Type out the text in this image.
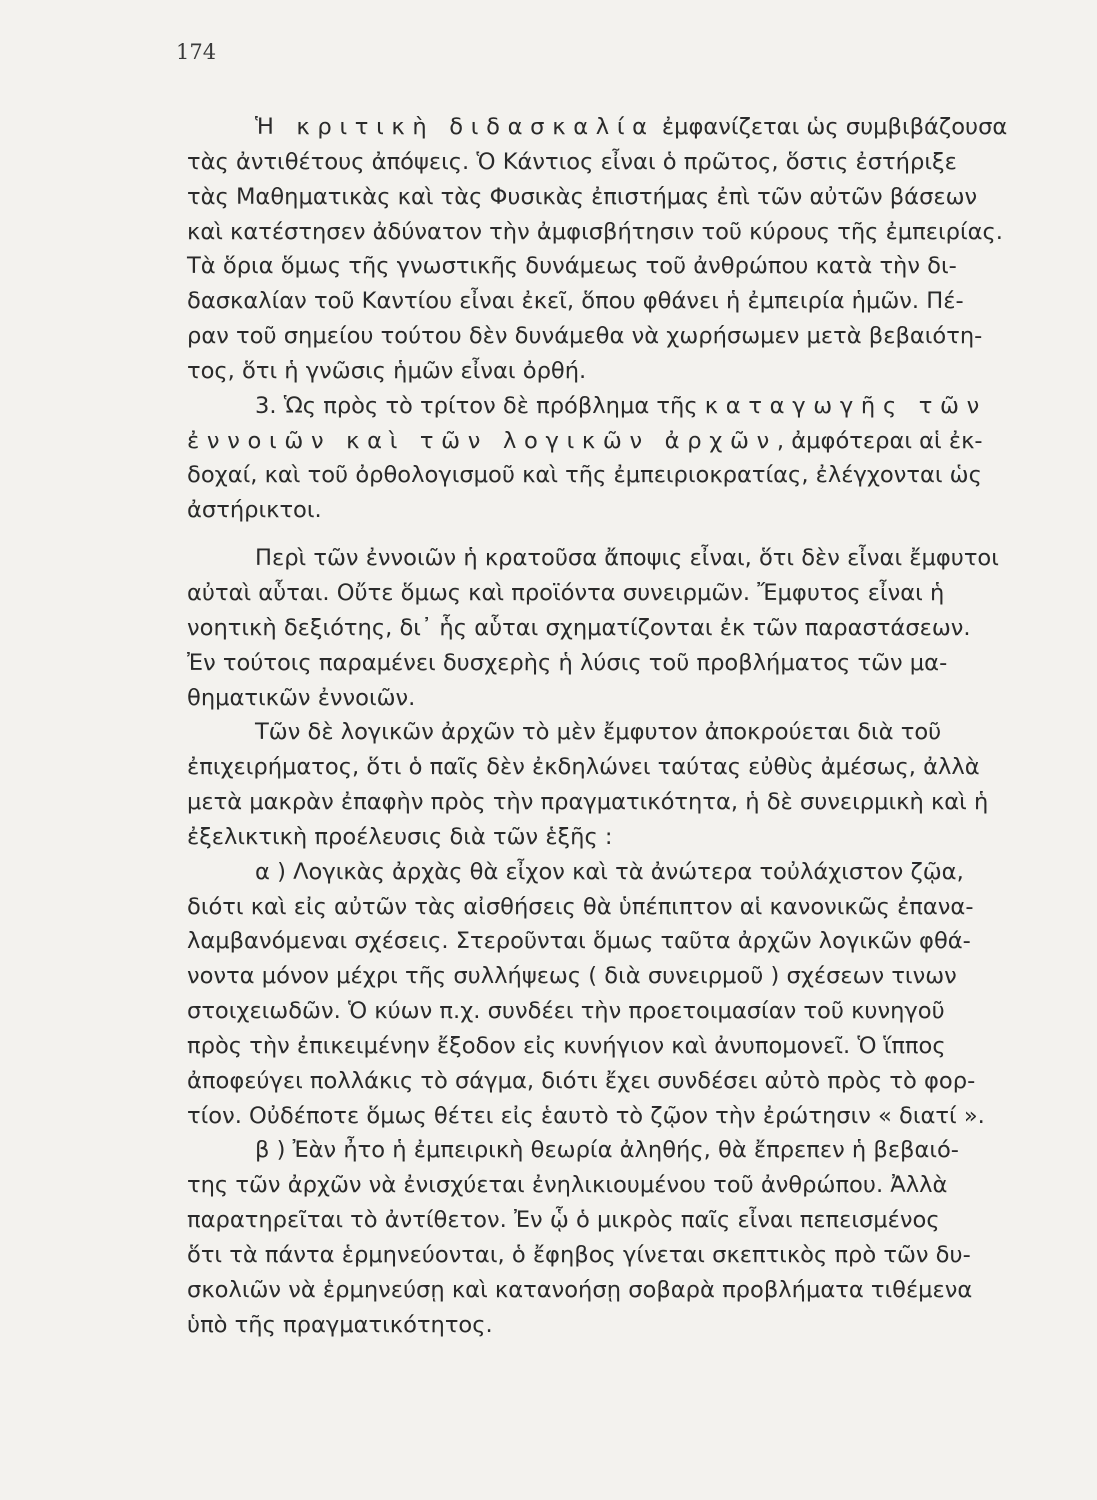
174
Ἡ κριτικὴ διδασκαλία ἐμφανίζεται ὡς συμβιβάζουσα
τὰς ἀντιθέτους ἀπόψεις. Ὁ Κάντιος εἶναι ὁ πρῶτος, ὅστις ἐστήριξε
τὰς Μαθηματικὰς καὶ τὰς Φυσικὰς ἐπιστήμας ἐπὶ τῶν αὐτῶν βάσεων
καὶ κατέστησεν ἀδύνατον τὴν ἀμφισβήτησιν τοῦ κύρους τῆς ἐμπειρίας.
Τὰ ὅρια ὅμως τῆς γνωστικῆς δυνάμεως τοῦ ἀνθρώπου κατὰ τὴν δι-
δασκαλίαν τοῦ Καντίου εἶναι ἐκεῖ, ὅπου φθάνει ἡ ἐμπειρία ἡμῶν. Πέ-
ραν τοῦ σημείου τούτου δὲν δυνάμεθα νὰ χωρήσωμεν μετὰ βεβαιότη-
τος, ὅτι ἡ γνῶσις ἡμῶν εἶναι ὀρθή.
3. Ὡς πρὸς τὸ τρίτον δὲ πρόβλημα τῆς καταγωγῆς τῶν
ἐννοιῶν καὶ τῶν λογικῶν ἀρχῶν, ἀμφότεραι αἱ ἐκ-
δοχαί, καὶ τοῦ ὀρθολογισμοῦ καὶ τῆς ἐμπειριοκρατίας, ἐλέγχονται ὡς
ἀστήρικτοι.
Περὶ τῶν ἐννοιῶν ἡ κρατοῦσα ἄποψις εἶναι, ὅτι δὲν εἶναι ἔμφυτοι
αὐταὶ αὗται. Οὔτε ὅμως καὶ προϊόντα συνειρμῶν. Ἔμφυτος εἶναι ἡ
νοητικὴ δεξιότης, δι᾿ ἧς αὗται σχηματίζονται ἐκ τῶν παραστάσεων.
Ἐν τούτοις παραμένει δυσχερὴς ἡ λύσις τοῦ προβλήματος τῶν μα-
θηματικῶν ἐννοιῶν.
Τῶν δὲ λογικῶν ἀρχῶν τὸ μὲν ἔμφυτον ἀποκρούεται διὰ τοῦ
ἐπιχειρήματος, ὅτι ὁ παῖς δὲν ἐκδηλώνει ταύτας εὐθὺς ἀμέσως, ἀλλὰ
μετὰ μακρὰν ἐπαφὴν πρὸς τὴν πραγματικότητα, ἡ δὲ συνειρμικὴ καὶ ἡ
ἐξελικτικὴ προέλευσις διὰ τῶν ἑξῆς :
α ) Λογικὰς ἀρχὰς θὰ εἶχον καὶ τὰ ἀνώτερα τοὐλάχιστον ζῷα,
διότι καὶ εἰς αὐτῶν τὰς αἰσθήσεις θὰ ὑπέπιπτον αἱ κανονικῶς ἐπανα-
λαμβανόμεναι σχέσεις. Στεροῦνται ὅμως ταῦτα ἀρχῶν λογικῶν φθά-
νοντα μόνον μέχρι τῆς συλλήψεως ( διὰ συνειρμοῦ ) σχέσεων τινων
στοιχειωδῶν. Ὁ κύων π.χ. συνδέει τὴν προετοιμασίαν τοῦ κυνηγοῦ
πρὸς τὴν ἐπικειμένην ἔξοδον εἰς κυνήγιον καὶ ἀνυπομονεῖ. Ὁ ἵππος
ἀποφεύγει πολλάκις τὸ σάγμα, διότι ἔχει συνδέσει αὐτὸ πρὸς τὸ φορ-
τίον. Οὐδέποτε ὅμως θέτει εἰς ἑαυτὸ τὸ ζῷον τὴν ἐρώτησιν « διατί ».
β ) Ἐὰν ἦτο ἡ ἐμπειρικὴ θεωρία ἀληθής, θὰ ἔπρεπεν ἡ βεβαιό-
της τῶν ἀρχῶν νὰ ἐνισχύεται ἐνηλικιουμένου τοῦ ἀνθρώπου. Ἀλλὰ
παρατηρεῖται τὸ ἀντίθετον. Ἐν ᾧ ὁ μικρὸς παῖς εἶναι πεπεισμένος
ὅτι τὰ πάντα ἑρμηνεύονται, ὁ ἔφηβος γίνεται σκεπτικὸς πρὸ τῶν δυ-
σκολιῶν νὰ ἑρμηνεύσῃ καὶ κατανοήσῃ σοβαρὰ προβλήματα τιθέμενα
ὑπὸ τῆς πραγματικότητος.
